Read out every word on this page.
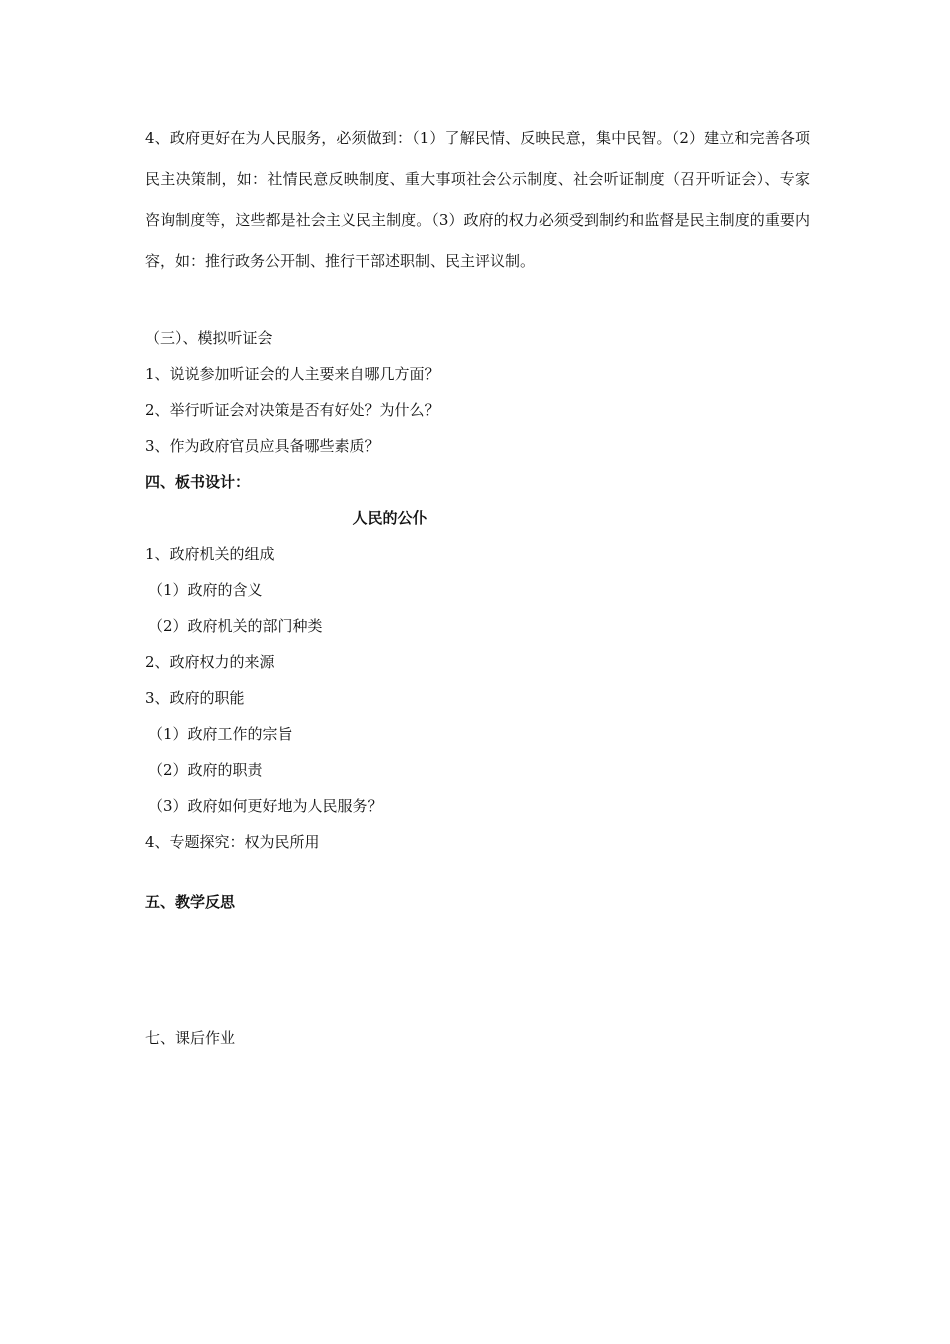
4、政府更好在为人民服务，必须做到：（1）了解民情、反映民意，集中民智。（2）建立和完善各项民主决策制，如：社情民意反映制度、重大事项社会公示制度、社会听证制度（召开听证会）、专家咨询制度等，这些都是社会主义民主制度。（3）政府的权力必须受到制约和监督是民主制度的重要内容，如：推行政务公开制、推行干部述职制、民主评议制。
（三）、模拟听证会
1、说说参加听证会的人主要来自哪几方面？
2、举行听证会对决策是否有好处？为什么？
3、作为政府官员应具备哪些素质？
四、板书设计：
人民的公仆
1、政府机关的组成
（1）政府的含义
（2）政府机关的部门种类
2、政府权力的来源
3、政府的职能
（1）政府工作的宗旨
（2）政府的职责
（3）政府如何更好地为人民服务？
4、专题探究：权为民所用
五、教学反思
七、课后作业
